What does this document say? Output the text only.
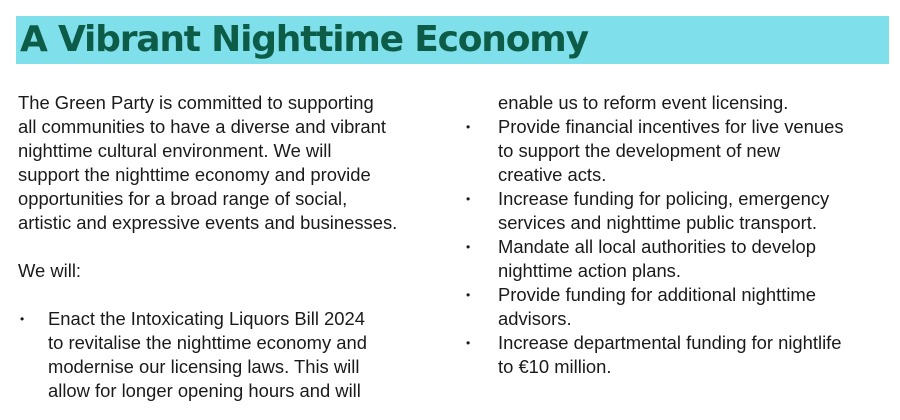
A Vibrant Nighttime Economy

The Green Party is committed to supporting
all communities to have a diverse and vibrant
nighttime cultural environment. We will
support the nighttime economy and provide
opportunities for a broad range of social,
artistic and expressive events and businesses.

We will:

• Enact the Intoxicating Liquors Bill 2024
to revitalise the nighttime economy and
modernise our licensing laws. This will
allow for longer opening hours and will
enable us to reform event licensing.
• Provide financial incentives for live venues
to support the development of new
creative acts.
• Increase funding for policing, emergency
services and nighttime public transport.
• Mandate all local authorities to develop
nighttime action plans.
• Provide funding for additional nighttime
advisors.
• Increase departmental funding for nightlife
to €10 million.
